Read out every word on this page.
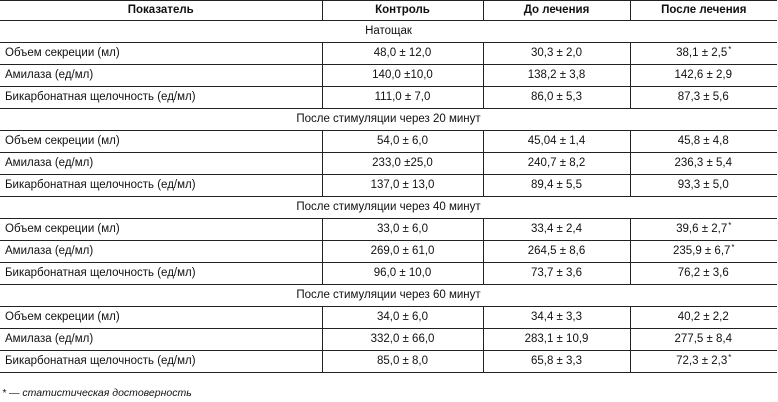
Показатель	Контроль	До лечения	После лечения
Натощак			
Объем секреции (мл)	48,0 ± 12,0	30,3 ± 2,0	38,1 ± 2,5*
Амилаза (ед/мл)	140,0 ±10,0	138,2 ± 3,8	142,6 ± 2,9
Бикарбонатная щелочность (ед/мл)	111,0 ± 7,0	86,0 ± 5,3	87,3 ± 5,6
После стимуляции через 20 минут			
Объем секреции (мл)	54,0 ± 6,0	45,04 ± 1,4	45,8 ± 4,8
Амилаза (ед/мл)	233,0 ±25,0	240,7 ± 8,2	236,3 ± 5,4
Бикарбонатная щелочность (ед/мл)	137,0 ± 13,0	89,4 ± 5,5	93,3 ± 5,0
После стимуляции через 40 минут			
Объем секреции (мл)	33,0 ± 6,0	33,4 ± 2,4	39,6 ± 2,7*
Амилаза (ед/мл)	269,0 ± 61,0	264,5 ± 8,6	235,9 ± 6,7*
Бикарбонатная щелочность (ед/мл)	96,0 ± 10,0	73,7 ± 3,6	76,2 ± 3,6
После стимуляции через 60 минут			
Объем секреции (мл)	34,0 ± 6,0	34,4 ± 3,3	40,2 ± 2,2
Амилаза (ед/мл)	332,0 ± 66,0	283,1 ± 10,9	277,5 ± 8,4
Бикарбонатная щелочность (ед/мл)	85,0 ± 8,0	65,8 ± 3,3	72,3 ± 2,3*
* — статистическая достоверность
